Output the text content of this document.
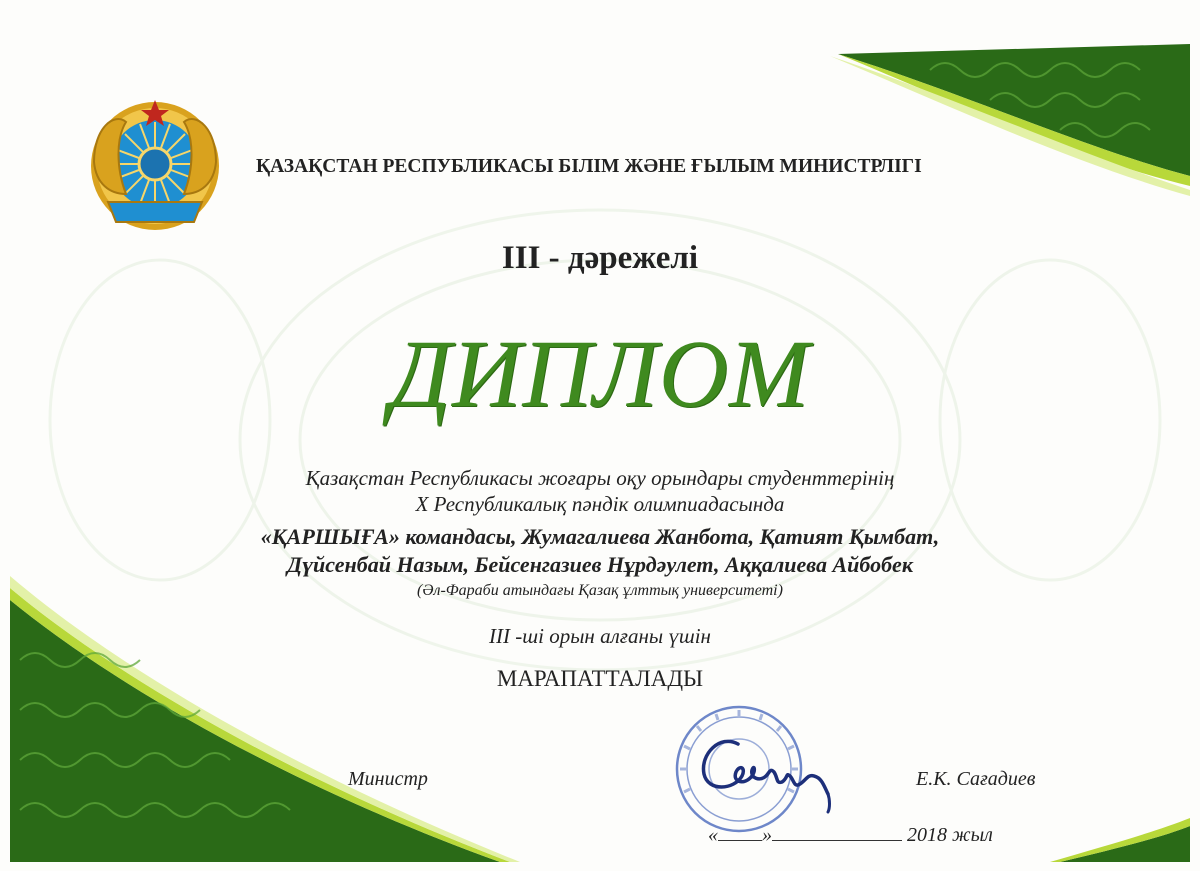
ҚАЗАҚСТАН РЕСПУБЛИКАСЫ БІЛІМ ЖӘНЕ ҒЫЛЫМ МИНИСТРЛІГІ
III - дәрежелі
ДИПЛОМ
Қазақстан Республикасы жоғары оқу орындары студенттерінің
X Республикалық пәндік олимпиадасында
«ҚАРШЫҒА» командасы, Жумагалиева Жанбота, Қатият Қымбат,
Дүйсенбай Назым, Бейсенгазиев Нұрдәулет, Аққалиева Айбобек
(Әл-Фараби атындағы Қазақ ұлттық университеті)
III -ші орын алғаны үшін
МАРАПАТТАЛАДЫ
Министр	Е.К. Сағадиев
« »	2018 жыл
